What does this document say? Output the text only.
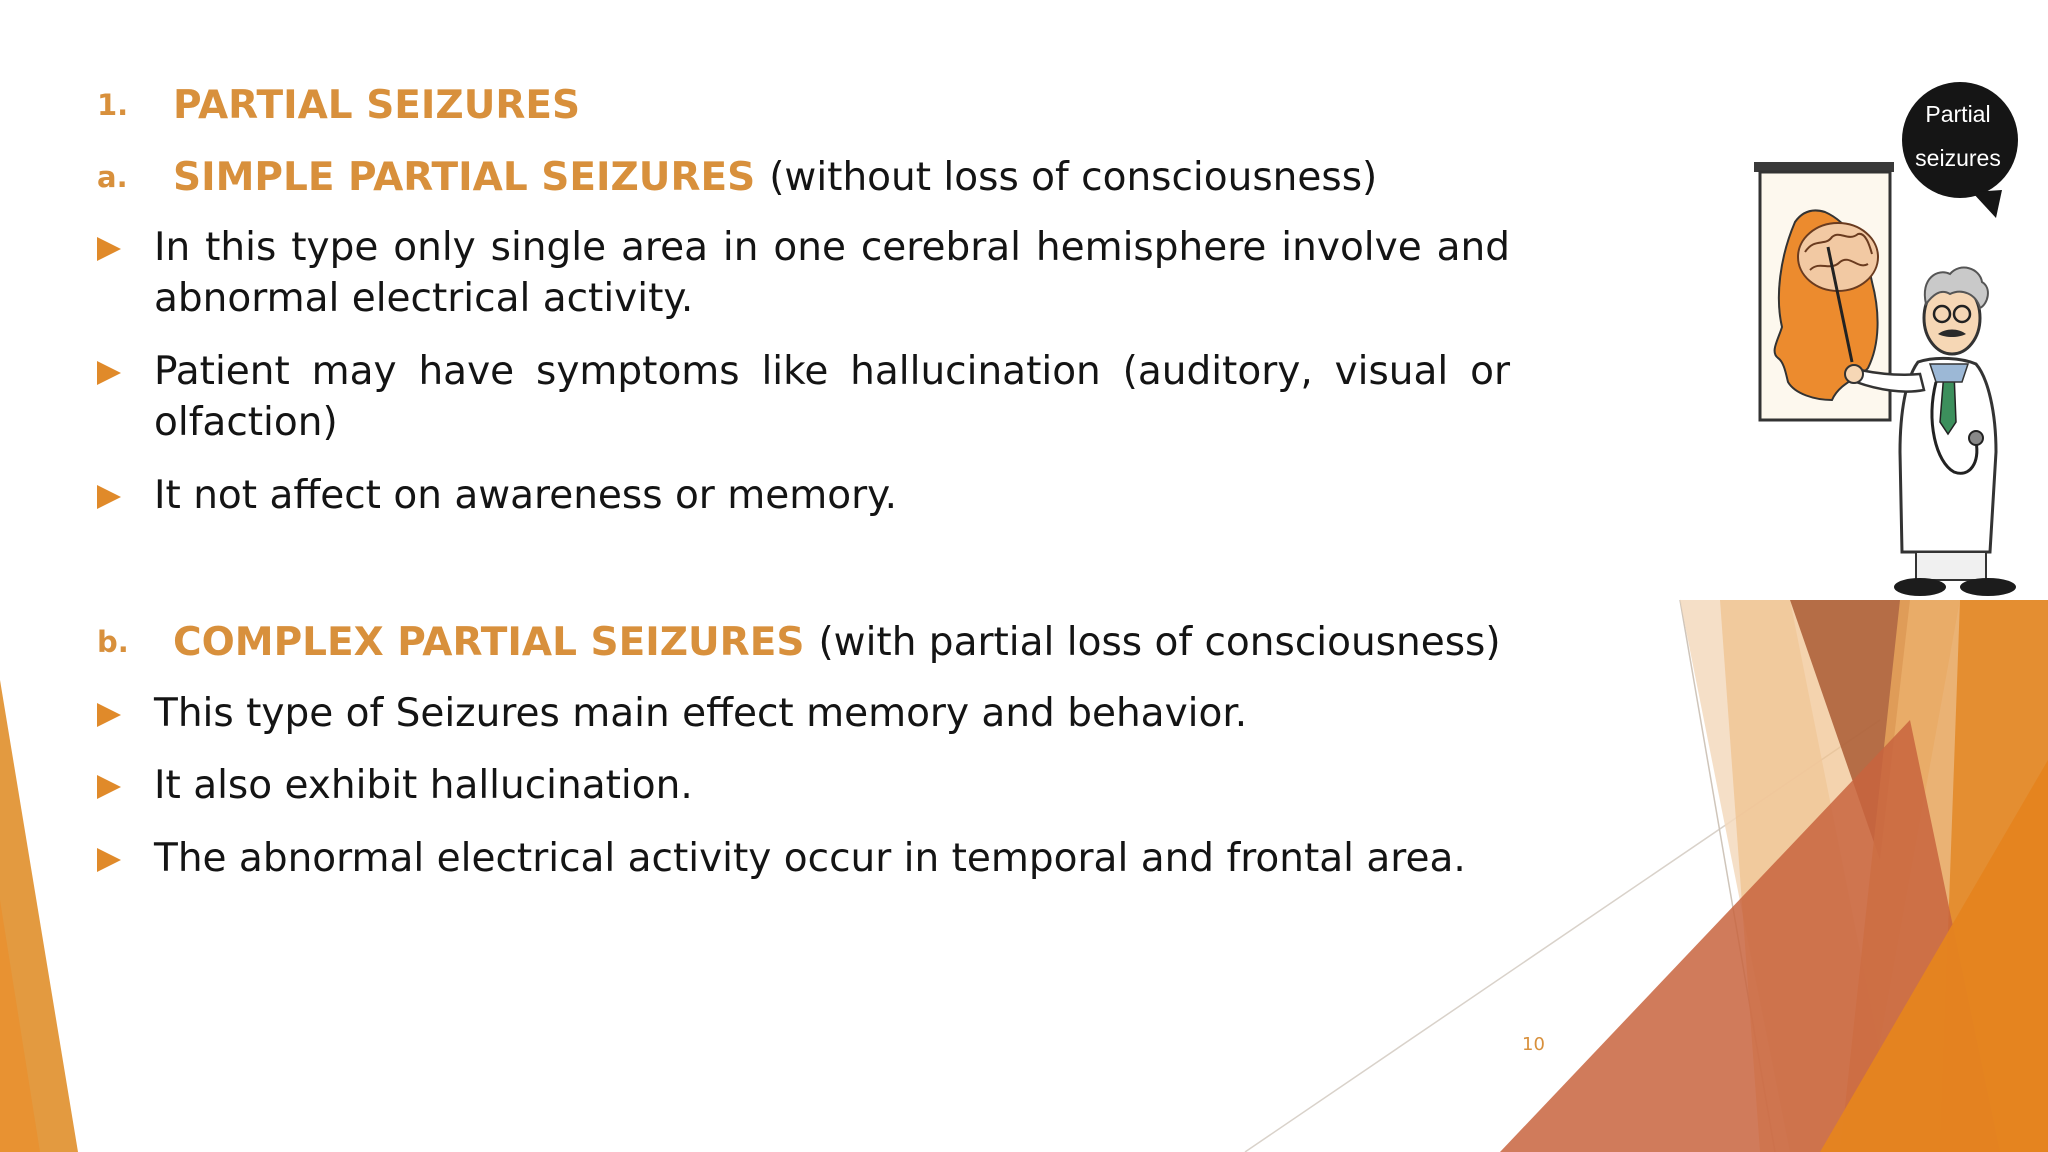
1.	PARTIAL SEIZURES
a.	SIMPLE PARTIAL SEIZURES (without loss of consciousness)
In this type only single area in one cerebral hemisphere involve and abnormal electrical activity.
Patient may have symptoms like hallucination (auditory, visual or olfaction)
It not affect on awareness or memory.
b.	COMPLEX PARTIAL SEIZURES (with partial loss of consciousness)
This type of Seizures main effect memory and behavior.
It also exhibit hallucination.
The abnormal electrical activity occur in temporal and frontal area.
10
Partial
seizures
